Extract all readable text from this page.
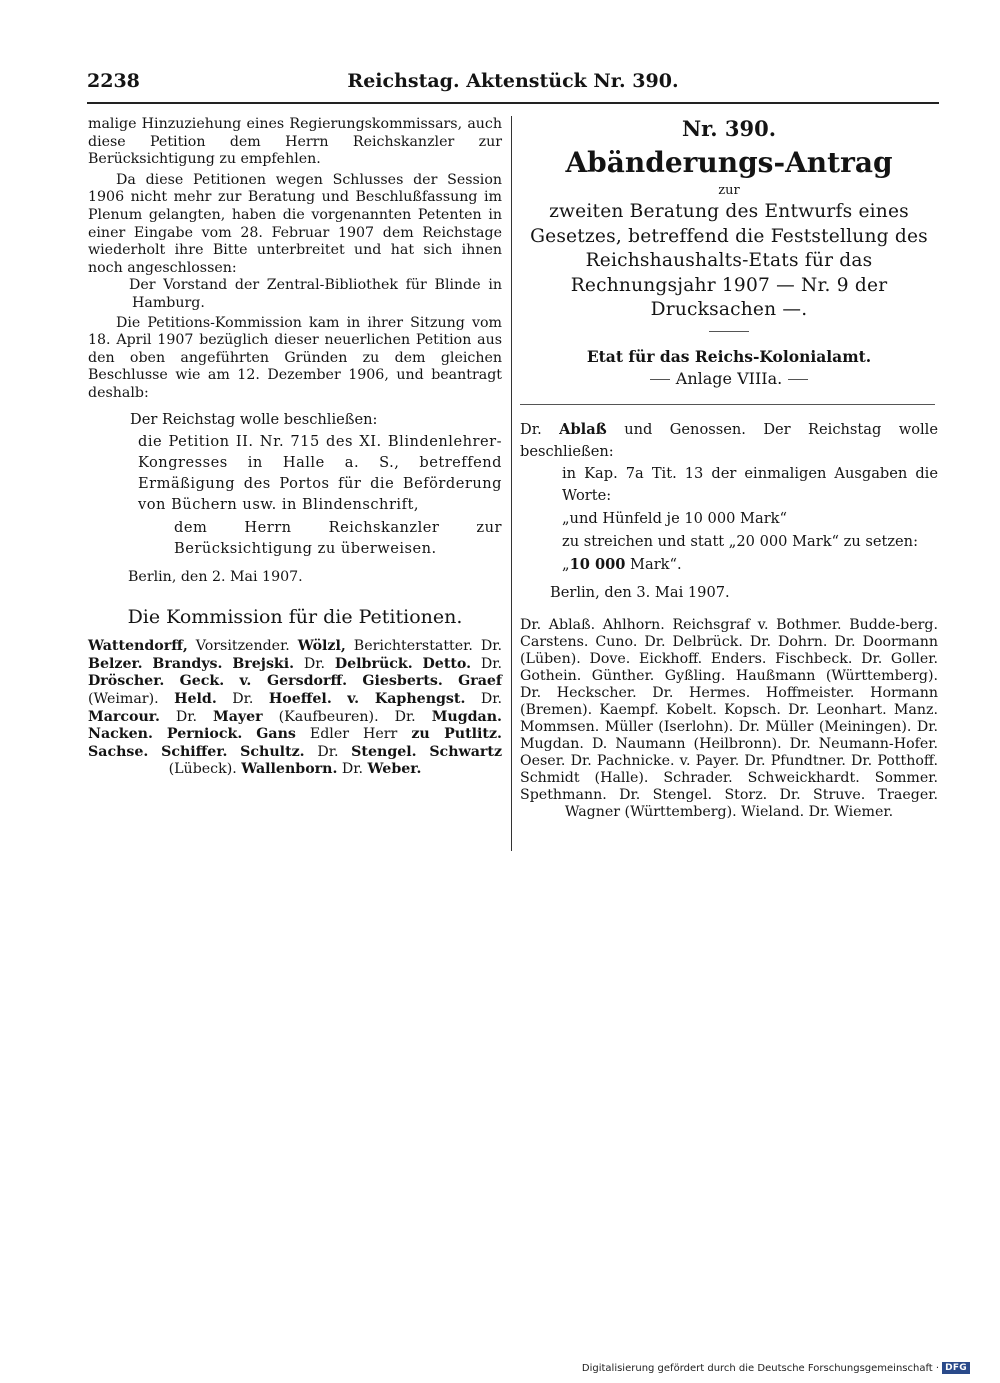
2238	Reichstag. Aktenstück Nr. 390.

malige Hinzuziehung eines Regierungskommissars, auch diese Petition dem Herrn Reichskanzler zur Berücksichtigung zu empfehlen.

Da diese Petitionen wegen Schlusses der Session 1906 nicht mehr zur Beratung und Beschlußfassung im Plenum gelangten, haben die vorgenannten Petenten in einer Eingabe vom 28. Februar 1907 dem Reichstage wiederholt ihre Bitte unterbreitet und hat sich ihnen noch angeschlossen:

Der Vorstand der Zentral-Bibliothek für Blinde in Hamburg.

Die Petitions-Kommission kam in ihrer Sitzung vom 18. April 1907 bezüglich dieser neuerlichen Petition aus den oben angeführten Gründen zu dem gleichen Beschlusse wie am 12. Dezember 1906, und beantragt deshalb:

Der Reichstag wolle beschließen:

die Petition II. Nr. 715 des XI. Blindenlehrer-Kongresses in Halle a. S., betreffend Ermäßigung des Portos für die Beförderung von Büchern usw. in Blindenschrift,

dem Herrn Reichskanzler zur Berücksichtigung zu überweisen.

Berlin, den 2. Mai 1907.

Die Kommission für die Petitionen.

Wattendorff, Vorsitzender. Wölzl, Berichterstatter. Dr. Belzer. Brandys. Brejski. Dr. Delbrück. Detto. Dr. Dröscher. Geck. v. Gersdorff. Giesberts. Graef (Weimar). Held. Dr. Hoeffel. v. Kaphengst. Dr. Marcour. Dr. Mayer (Kaufbeuren). Dr. Mugdan. Nacken. Perniock. Gans Edler Herr zu Putlitz. Sachse. Schiffer. Schultz. Dr. Stengel. Schwartz (Lübeck). Wallenborn. Dr. Weber.

Nr. 390.
Abänderungs-Antrag
zur
zweiten Beratung des Entwurfs eines Gesetzes, betreffend die Feststellung des Reichshaushalts-Etats für das Rechnungsjahr 1907 — Nr. 9 der Drucksachen —.
Etat für das Reichs-Kolonialamt.
Anlage VIIIa.

Dr. Ablaß und Genossen. Der Reichstag wolle beschließen:

in Kap. 7a Tit. 13 der einmaligen Ausgaben die Worte:

„und Hünfeld je 10 000 Mark“

zu streichen und statt „20 000 Mark“ zu setzen:

„10 000 Mark“.

Berlin, den 3. Mai 1907.

Dr. Ablaß. Ahlhorn. Reichsgraf v. Bothmer. Budde-berg. Carstens. Cuno. Dr. Delbrück. Dr. Dohrn. Dr. Doormann (Lüben). Dove. Eickhoff. Enders. Fischbeck. Dr. Goller. Gothein. Günther. Gyßling. Haußmann (Württemberg). Dr. Heckscher. Dr. Hermes. Hoffmeister. Hormann (Bremen). Kaempf. Kobelt. Kopsch. Dr. Leonhart. Manz. Mommsen. Müller (Iserlohn). Dr. Müller (Meiningen). Dr. Mugdan. D. Naumann (Heilbronn). Dr. Neumann-Hofer. Oeser. Dr. Pachnicke. v. Payer. Dr. Pfundtner. Dr. Potthoff. Schmidt (Halle). Schrader. Schweickhardt. Sommer. Spethmann. Dr. Stengel. Storz. Dr. Struve. Traeger. Wagner (Württemberg). Wieland. Dr. Wiemer.

Digitalisierung gefördert durch die Deutsche Forschungsgemeinschaft · DFG
